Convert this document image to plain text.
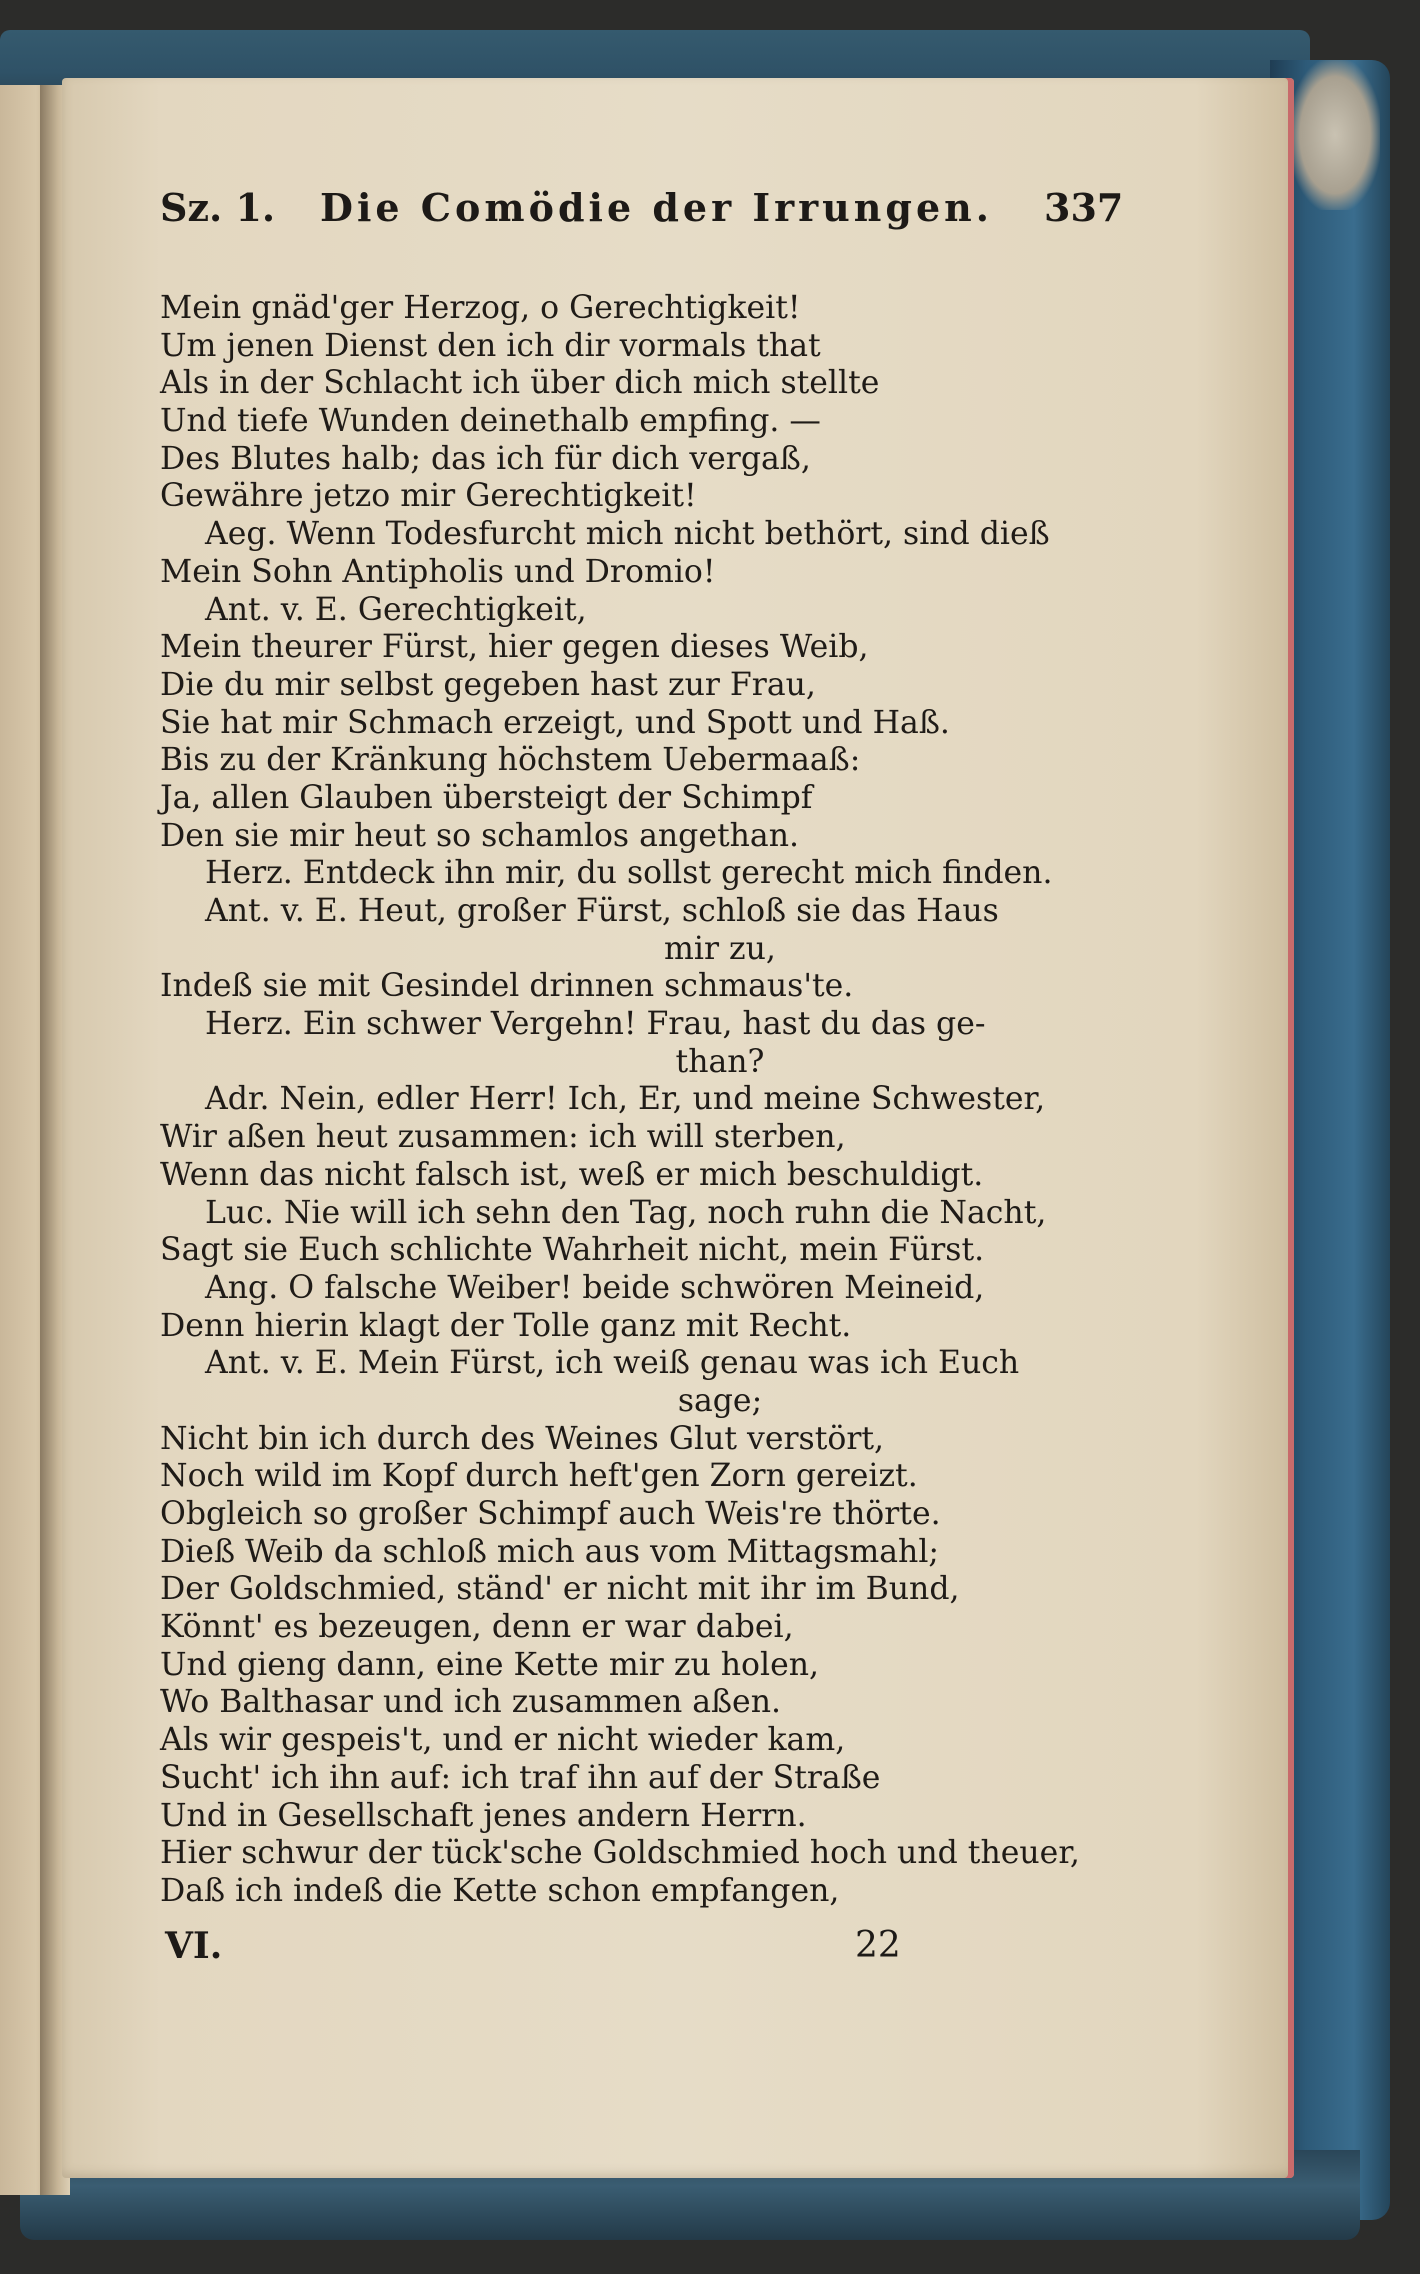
Sz. 1. Die Comödie der Irrungen. 337
Mein gnäd'ger Herzog, o Gerechtigkeit!
Um jenen Dienst den ich dir vormals that
Als in der Schlacht ich über dich mich stellte
Und tiefe Wunden deinethalb empfing. —
Des Blutes halb; das ich für dich vergaß,
Gewähre jetzo mir Gerechtigkeit!
Aeg. Wenn Todesfurcht mich nicht bethört, sind dieß
Mein Sohn Antipholis und Dromio!
Ant. v. E. Gerechtigkeit,
Mein theurer Fürst, hier gegen dieses Weib,
Die du mir selbst gegeben hast zur Frau,
Sie hat mir Schmach erzeigt, und Spott und Haß.
Bis zu der Kränkung höchstem Uebermaaß:
Ja, allen Glauben übersteigt der Schimpf
Den sie mir heut so schamlos angethan.
Herz. Entdeck ihn mir, du sollst gerecht mich finden.
Ant. v. E. Heut, großer Fürst, schloß sie das Haus
mir zu,
Indeß sie mit Gesindel drinnen schmaus'te.
Herz. Ein schwer Vergehn! Frau, hast du das ge-
than?
Adr. Nein, edler Herr! Ich, Er, und meine Schwester,
Wir aßen heut zusammen: ich will sterben,
Wenn das nicht falsch ist, weß er mich beschuldigt.
Luc. Nie will ich sehn den Tag, noch ruhn die Nacht,
Sagt sie Euch schlichte Wahrheit nicht, mein Fürst.
Ang. O falsche Weiber! beide schwören Meineid,
Denn hierin klagt der Tolle ganz mit Recht.
Ant. v. E. Mein Fürst, ich weiß genau was ich Euch
sage;
Nicht bin ich durch des Weines Glut verstört,
Noch wild im Kopf durch heft'gen Zorn gereizt.
Obgleich so großer Schimpf auch Weis're thörte.
Dieß Weib da schloß mich aus vom Mittagsmahl;
Der Goldschmied, ständ' er nicht mit ihr im Bund,
Könnt' es bezeugen, denn er war dabei,
Und gieng dann, eine Kette mir zu holen,
Wo Balthasar und ich zusammen aßen.
Als wir gespeis't, und er nicht wieder kam,
Sucht' ich ihn auf: ich traf ihn auf der Straße
Und in Gesellschaft jenes andern Herrn.
Hier schwur der tück'sche Goldschmied hoch und theuer,
Daß ich indeß die Kette schon empfangen,
VI.	22
